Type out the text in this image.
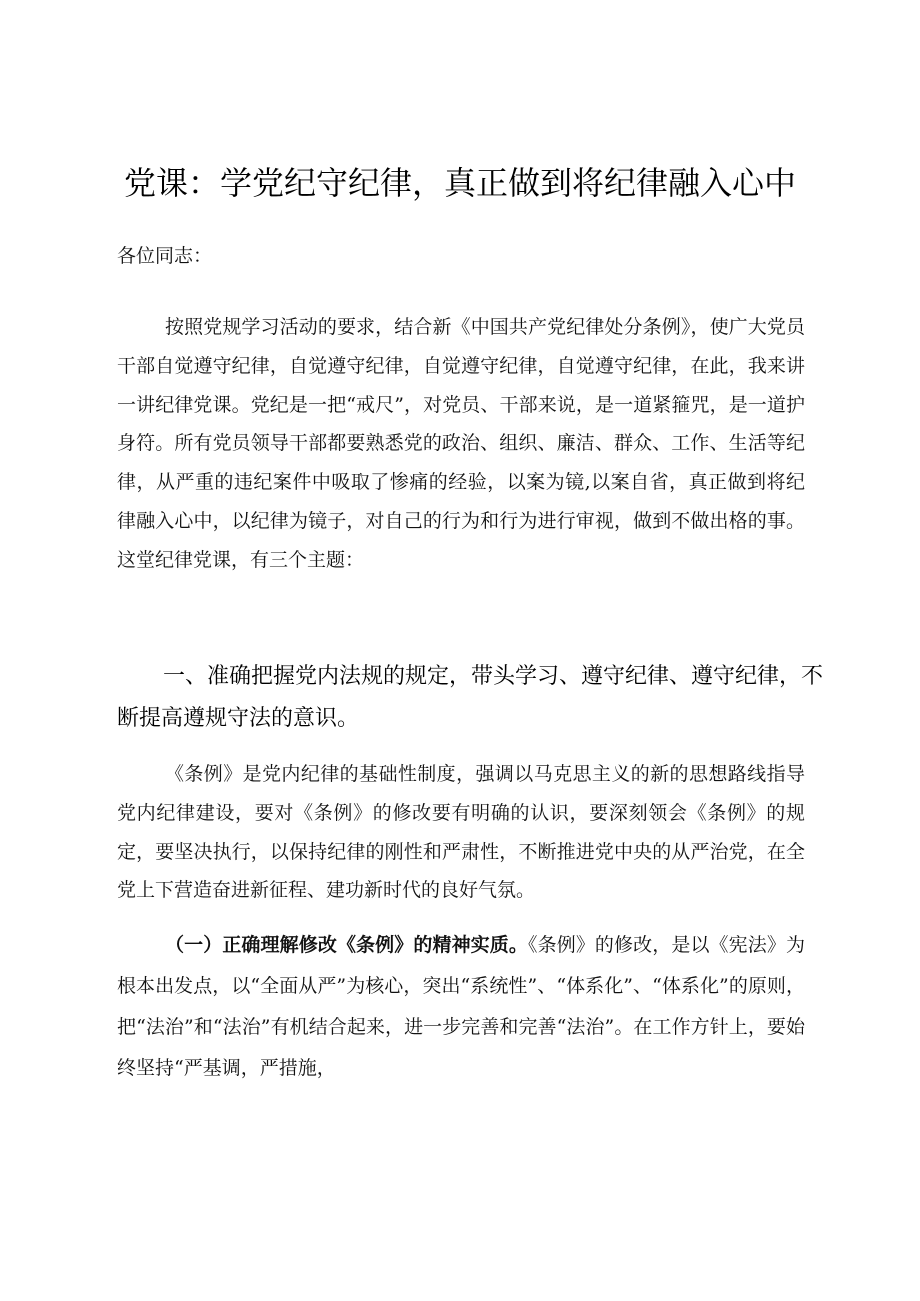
党课：学党纪守纪律，真正做到将纪律融入心中
各位同志：

按照党规学习活动的要求，结合新《中国共产党纪律处分条例》，使广大党员干部自觉遵守纪律，自觉遵守纪律，自觉遵守纪律，自觉遵守纪律，在此，我来讲一讲纪律党课。党纪是一把“戒尺”，对党员、干部来说，是一道紧箍咒，是一道护身符。所有党员领导干部都要熟悉党的政治、组织、廉洁、群众、工作、生活等纪律，从严重的违纪案件中吸取了惨痛的经验，以案为镜,以案自省，真正做到将纪律融入心中，以纪律为镜子，对自己的行为和行为进行审视，做到不做出格的事。这堂纪律党课，有三个主题：

一、准确把握党内法规的规定，带头学习、遵守纪律、遵守纪律，不断提高遵规守法的意识。

《条例》是党内纪律的基础性制度，强调以马克思主义的新的思想路线指导党内纪律建设，要对《条例》的修改要有明确的认识，要深刻领会《条例》的规定，要坚决执行，以保持纪律的刚性和严肃性，不断推进党中央的从严治党，在全党上下营造奋进新征程、建功新时代的良好气氛。

（一）正确理解修改《条例》的精神实质。《条例》的修改，是以《宪法》为根本出发点，以“全面从严”为核心，突出“系统性”、“体系化”、“体系化”的原则，把“法治”和“法治”有机结合起来，进一步完善和完善“法治”。在工作方针上，要始终坚持“严基调，严措施，
